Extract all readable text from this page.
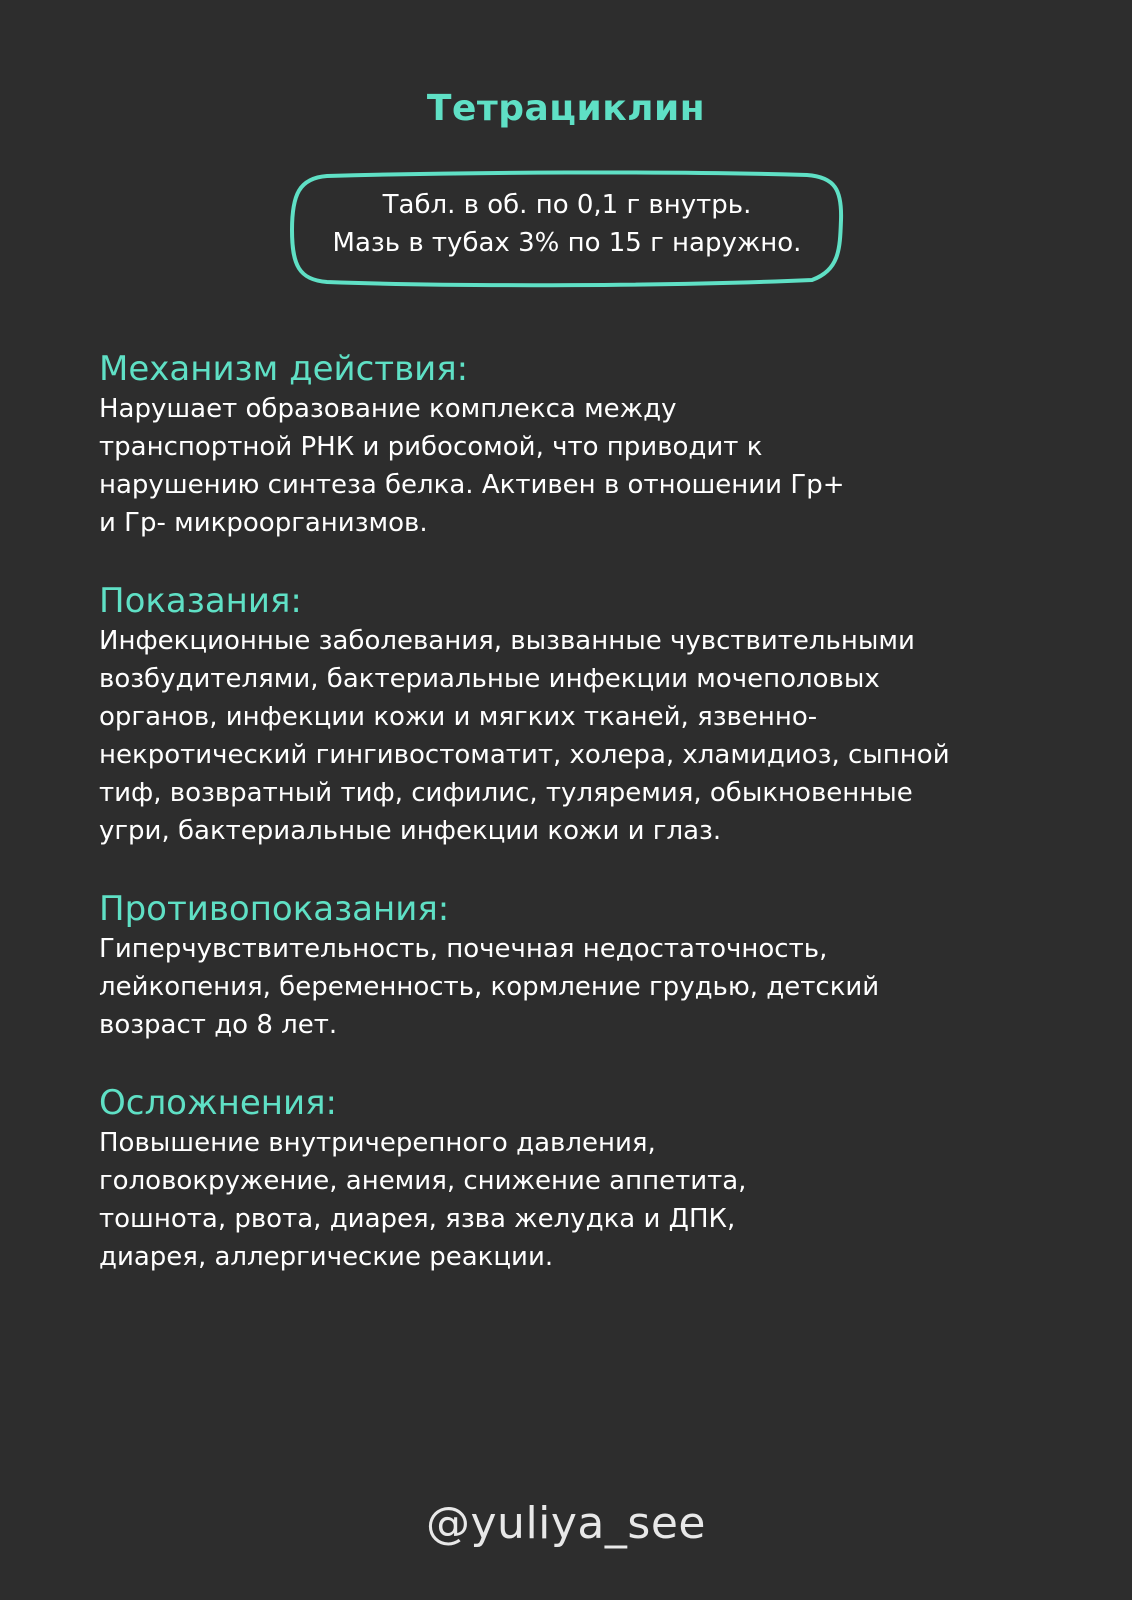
Тетрациклин
Табл. в об. по 0,1 г внутрь.
Мазь в тубах 3% по 15 г наружно.
Механизм действия:
Нарушает образование комплекса между
транспортной РНК и рибосомой, что приводит к
нарушению синтеза белка. Активен в отношении Гр+
и Гр- микроорганизмов.
Показания:
Инфекционные заболевания, вызванные чувствительными
возбудителями, бактериальные инфекции мочеполовых
органов, инфекции кожи и мягких тканей, язвенно-
некротический гингивостоматит, холера, хламидиоз, сыпной
тиф, возвратный тиф, сифилис, туляремия, обыкновенные
угри, бактериальные инфекции кожи и глаз.
Противопоказания:
Гиперчувствительность, почечная недостаточность,
лейкопения, беременность, кормление грудью, детский
возраст до 8 лет.
Осложнения:
Повышение внутричерепного давления,
головокружение, анемия, снижение аппетита,
тошнота, рвота, диарея, язва желудка и ДПК,
диарея, аллергические реакции.
@yuliya_see
